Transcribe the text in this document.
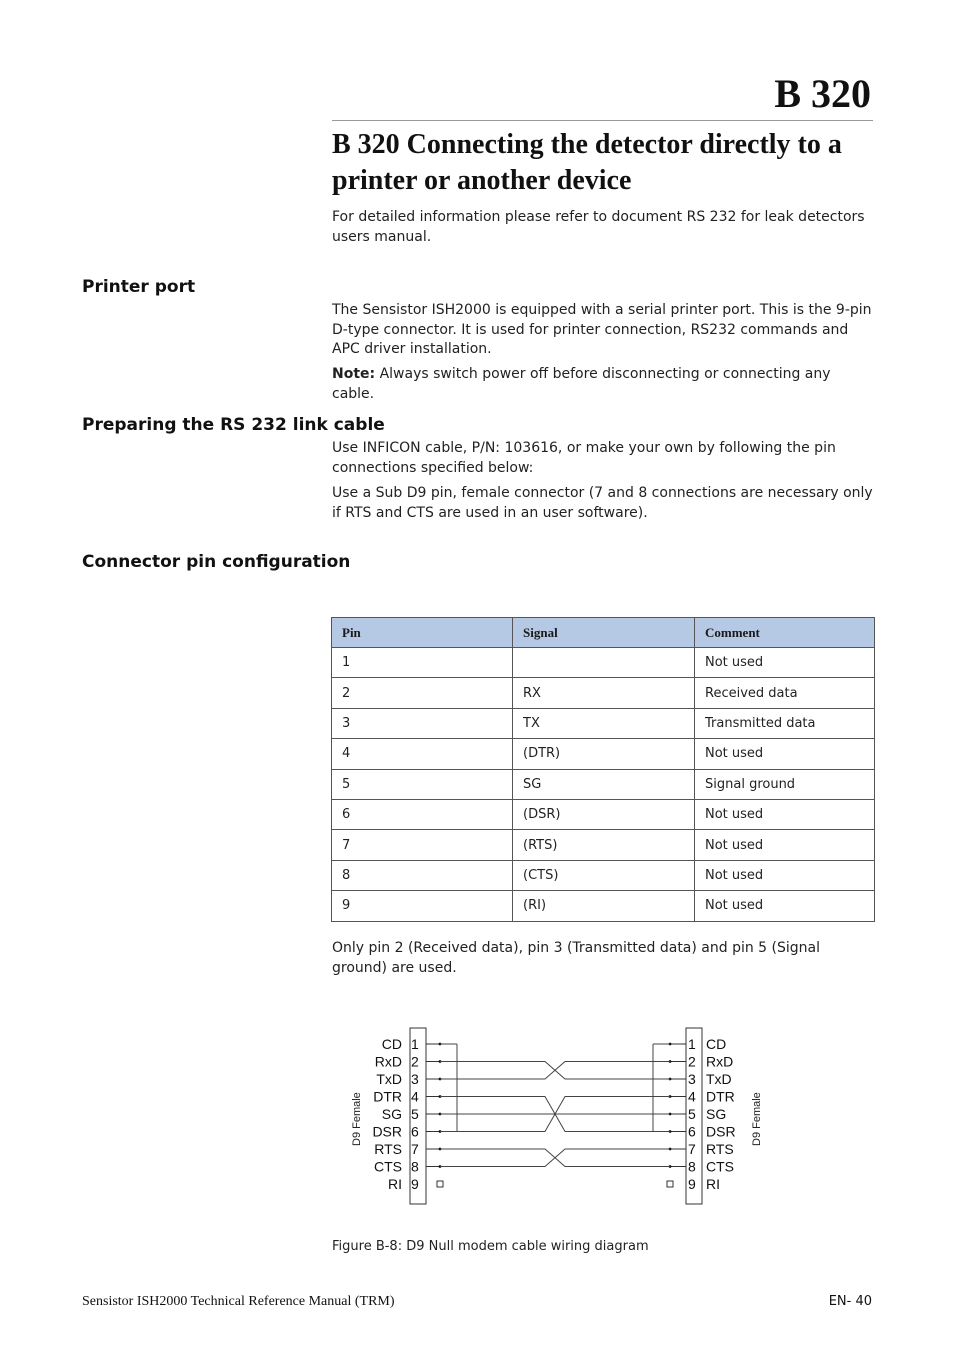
B 320
B 320 Connecting the detector directly to a printer or another device
For detailed information please refer to document RS 232 for leak detectors users manual.
Printer port
The Sensistor ISH2000 is equipped with a serial printer port. This is the 9-pin D-type connector. It is used for printer connection, RS232 commands and APC driver installation.
Note: Always switch power off before disconnecting or connecting any cable.
Preparing the RS 232 link cable
Use INFICON cable, P/N: 103616, or make your own by following the pin connections specified below:
Use a Sub D9 pin, female connector (7 and 8 connections are necessary only if RTS and CTS are used in an user software).
Connector pin configuration
Pin	Signal	Comment
1		Not used
2	RX	Received data
3	TX	Transmitted data
4	(DTR)	Not used
5	SG	Signal ground
6	(DSR)	Not used
7	(RTS)	Not used
8	(CTS)	Not used
9	(RI)	Not used
Only pin 2 (Received data), pin 3 (Transmitted data) and pin 5 (Signal ground) are used.
CD 1	1 CD
RxD 2	2 RxD
TxD 3	3 TxD
DTR 4	4 DTR
SG 5	5 SG
DSR 6	6 DSR
RTS 7	7 RTS
CTS 8	8 CTS
RI 9	9 RI
D9 Female	D9 Female
Figure B-8: D9 Null modem cable wiring diagram
Sensistor ISH2000 Technical Reference Manual (TRM)	EN- 40
